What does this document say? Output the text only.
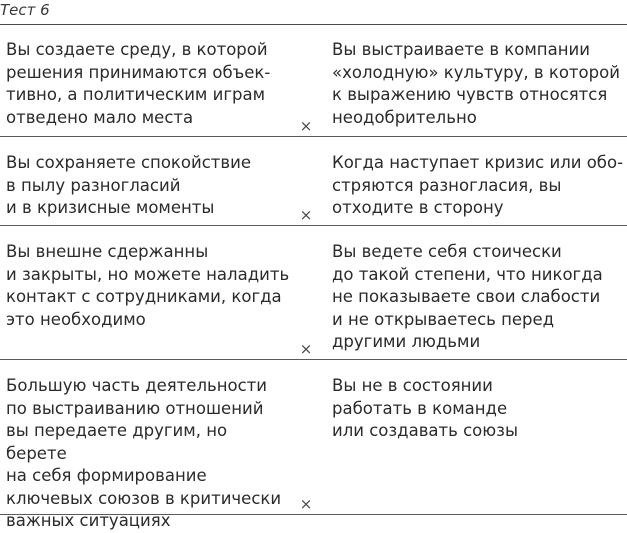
Тест 6
Вы создаете среду, в которой
решения принимаются объек-
тивно, а политическим играм
отведено мало места
Вы выстраиваете в компании
«холодную» культуру, в которой
к выражению чувств относятся
неодобрительно
×
Вы сохраняете спокойствие
в пылу разногласий
и в кризисные моменты
Когда наступает кризис или обо-
стряются разногласия, вы
отходите в сторону
×
Вы внешне сдержанны
и закрыты, но можете наладить
контакт с сотрудниками, когда
это необходимо
Вы ведете себя стоически
до такой степени, что никогда
не показываете свои слабости
и не открываетесь перед
другими людьми
×
Большую часть деятельности
по выстраиванию отношений
вы передаете другим, но берете
на себя формирование
ключевых союзов в критически
важных ситуациях
Вы не в состоянии
работать в команде
или создавать союзы
×
